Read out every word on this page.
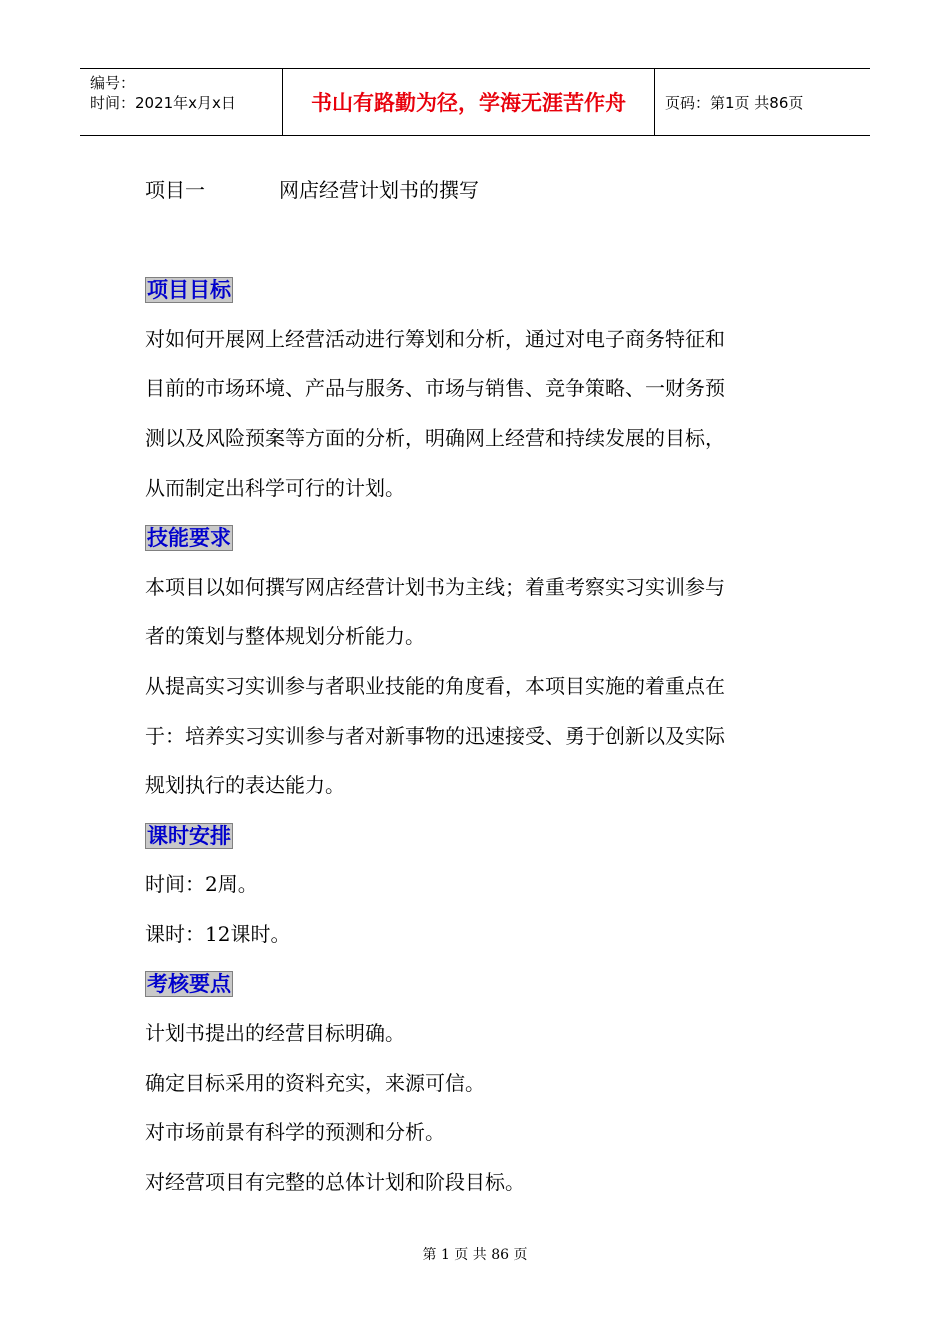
编号：
时间：2021年x月x日	书山有路勤为径，学海无涯苦作舟	页码：第1页 共86页
项目一	网店经营计划书的撰写
项目目标

对如何开展网上经营活动进行筹划和分析，通过对电子商务特征和

目前的市场环境、产品与服务、市场与销售、竞争策略、一财务预

测以及风险预案等方面的分析，明确网上经营和持续发展的目标，

从而制定出科学可行的计划。

技能要求

本项目以如何撰写网店经营计划书为主线；着重考察实习实训参与

者的策划与整体规划分析能力。

从提高实习实训参与者职业技能的角度看，本项目实施的着重点在

于：培养实习实训参与者对新事物的迅速接受、勇于创新以及实际

规划执行的表达能力。

课时安排

时间：2周。

课时：12课时。

考核要点

计划书提出的经营目标明确。

确定目标采用的资料充实，来源可信。

对市场前景有科学的预测和分析。

对经营项目有完整的总体计划和阶段目标。

第 1 页 共 86 页
